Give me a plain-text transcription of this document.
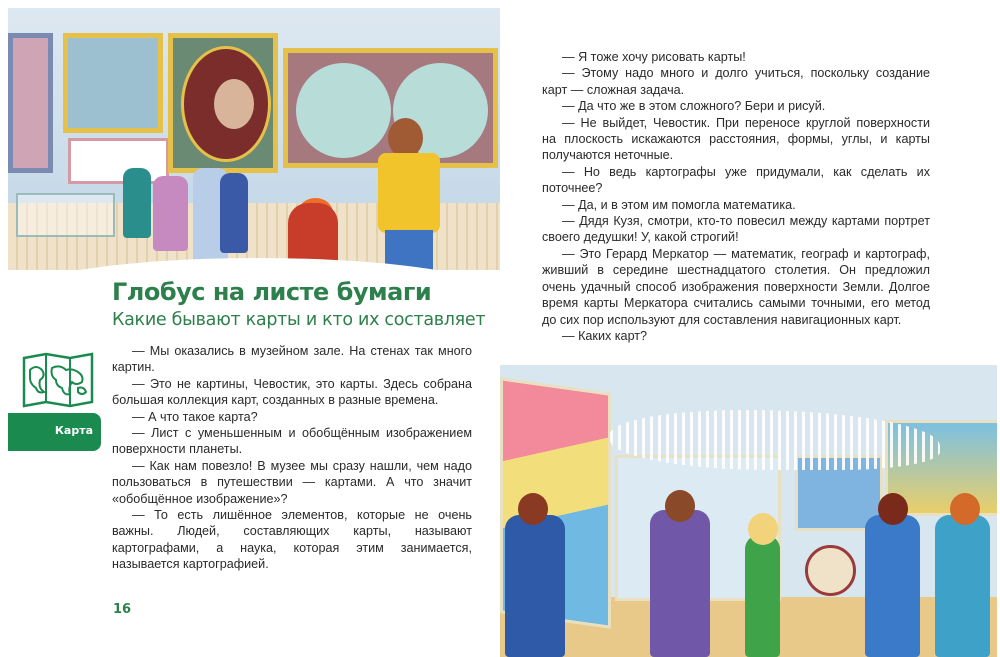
Глобус на листе бумаги
Какие бывают карты и кто их составляет
Карта

— Мы оказались в музейном зале. На стенах так много картин.

— Это не картины, Чевостик, это карты. Здесь собрана большая коллекция карт, созданных в разные времена.

— А что такое карта?

— Лист с уменьшенным и обобщённым изображением поверхности планеты.

— Как нам повезло! В музее мы сразу нашли, чем надо пользоваться в путешествии — картами. А что значит «обобщённое изображение»?

— То есть лишённое элементов, которые не очень важны. Людей, составляющих карты, называют картографами, а наука, которая этим занимается, называется картографией.

16

— Я тоже хочу рисовать карты!

— Этому надо много и долго учиться, поскольку создание карт — сложная задача.

— Да что же в этом сложного? Бери и рисуй.

— Не выйдет, Чевостик. При переносе круглой поверхности на плоскость искажаются расстояния, формы, углы, и карты получаются неточные.

— Но ведь картографы уже придумали, как сделать их поточнее?

— Да, и в этом им помогла математика.

— Дядя Кузя, смотри, кто-то повесил между картами портрет своего дедушки! У, какой строгий!

— Это Герард Меркатор — математик, географ и картограф, живший в середине шестнадцатого столетия. Он предложил очень удачный способ изображения поверхности Земли. Долгое время карты Меркатора считались самыми точными, его метод до сих пор используют для составления навигационных карт.

— Каких карт?
